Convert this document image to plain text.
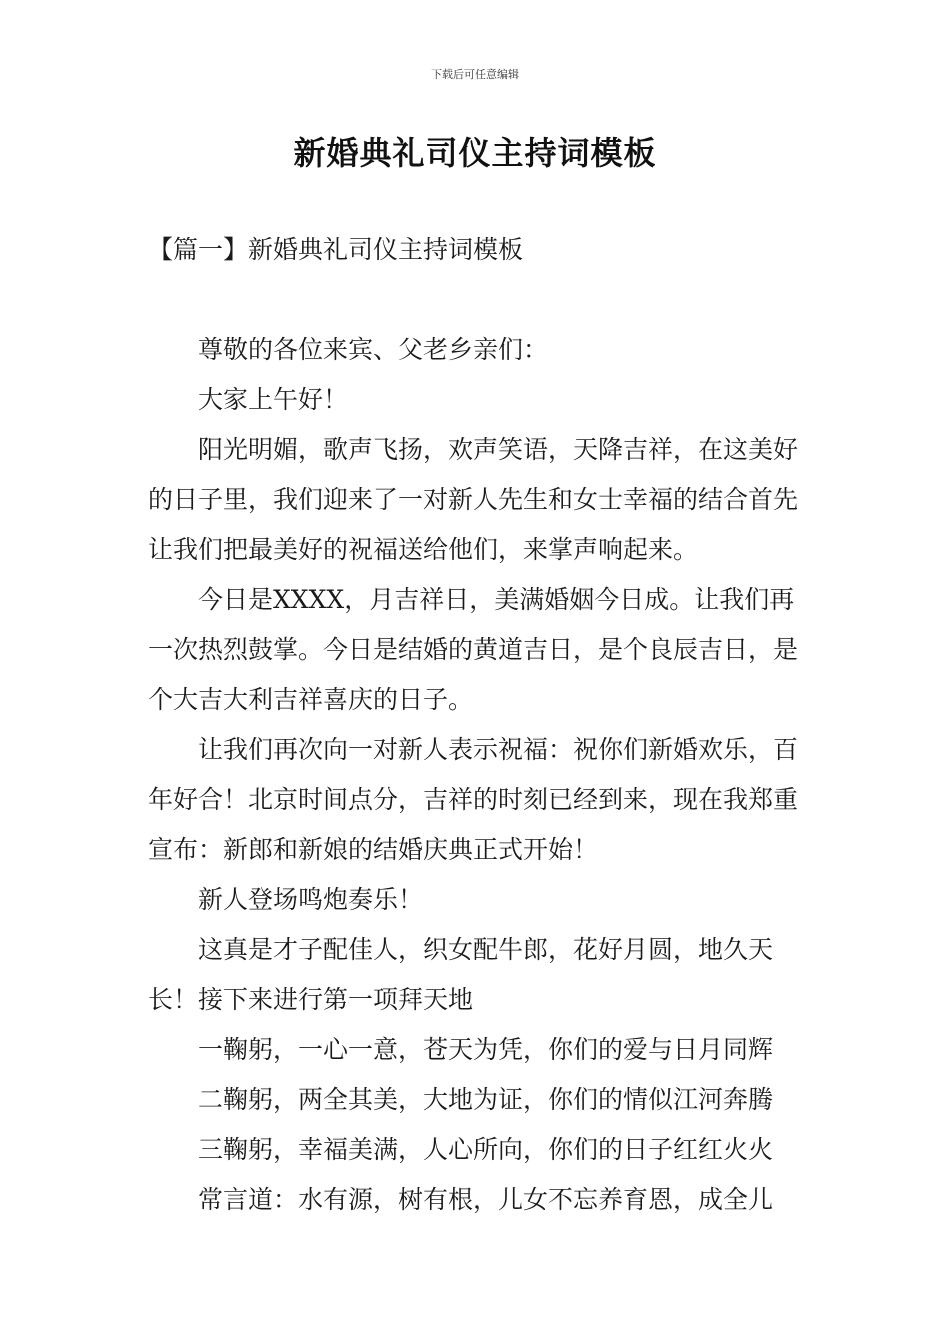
下载后可任意编辑
新婚典礼司仪主持词模板
【篇一】新婚典礼司仪主持词模板

尊敬的各位来宾、父老乡亲们：

大家上午好！

阳光明媚，歌声飞扬，欢声笑语，天降吉祥，在这美好的日子里，我们迎来了一对新人先生和女士幸福的结合首先让我们把最美好的祝福送给他们，来掌声响起来。

今日是XXXX，月吉祥日，美满婚姻今日成。让我们再一次热烈鼓掌。今日是结婚的黄道吉日，是个良辰吉日，是个大吉大利吉祥喜庆的日子。

让我们再次向一对新人表示祝福：祝你们新婚欢乐，百年好合！北京时间点分，吉祥的时刻已经到来，现在我郑重宣布：新郎和新娘的结婚庆典正式开始！

新人登场鸣炮奏乐！

这真是才子配佳人，织女配牛郎，花好月圆，地久天长！接下来进行第一项拜天地

一鞠躬，一心一意，苍天为凭，你们的爱与日月同辉

二鞠躬，两全其美，大地为证，你们的情似江河奔腾

三鞠躬，幸福美满，人心所向，你们的日子红红火火

常言道：水有源，树有根，儿女不忘养育恩，成全儿
